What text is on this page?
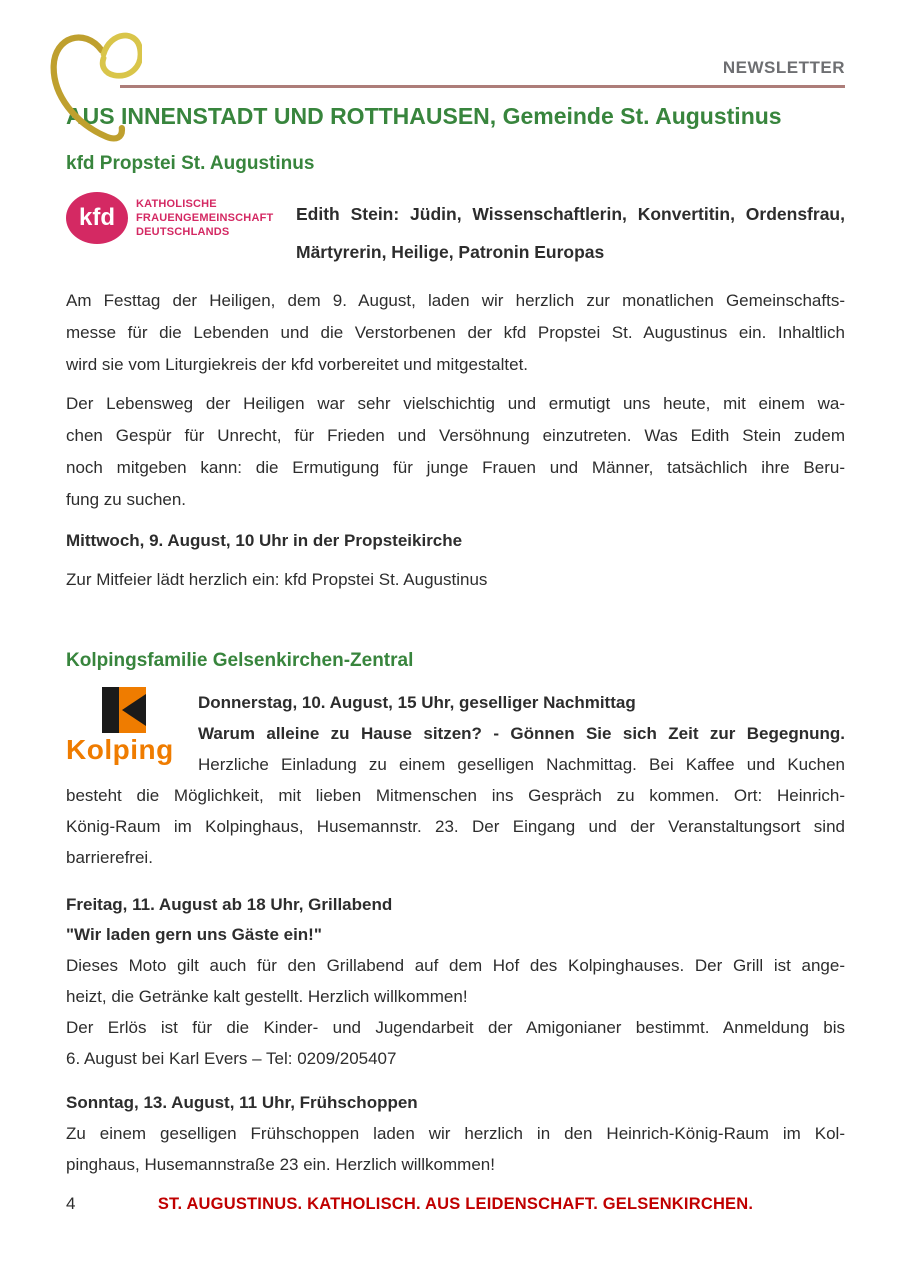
NEWSLETTER
AUS INNENSTADT UND ROTTHAUSEN, Gemeinde St. Augustinus
kfd Propstei St. Augustinus
kfd	KATHOLISCHE
FRAUENGEMEINSCHAFT
DEUTSCHLANDS
Edith Stein: Jüdin, Wissenschaftlerin, Konvertitin, Ordensfrau,
Märtyrerin, Heilige, Patronin Europas
Am Festtag der Heiligen, dem 9. August, laden wir herzlich zur monatlichen Gemeinschafts-
messe für die Lebenden und die Verstorbenen der kfd Propstei St. Augustinus ein. Inhaltlich
wird sie vom Liturgiekreis der kfd vorbereitet und mitgestaltet.
Der Lebensweg der Heiligen war sehr vielschichtig und ermutigt uns heute, mit einem wa-
chen Gespür für Unrecht, für Frieden und Versöhnung einzutreten. Was Edith Stein zudem
noch mitgeben kann: die Ermutigung für junge Frauen und Männer, tatsächlich ihre Beru-
fung zu suchen.
Mittwoch, 9. August, 10 Uhr in der Propsteikirche
Zur Mitfeier lädt herzlich ein: kfd Propstei St. Augustinus
Kolpingsfamilie Gelsenkirchen-Zentral
Kolping
Donnerstag, 10. August, 15 Uhr, geselliger Nachmittag
Warum alleine zu Hause sitzen? - Gönnen Sie sich Zeit zur Begegnung.
Herzliche Einladung zu einem geselligen Nachmittag. Bei Kaffee und Kuchen
besteht die Möglichkeit, mit lieben Mitmenschen ins Gespräch zu kommen. Ort: Heinrich-
König-Raum im Kolpinghaus, Husemannstr. 23. Der Eingang und der Veranstaltungsort sind
barrierefrei.
Freitag, 11. August ab 18 Uhr, Grillabend
"Wir laden gern uns Gäste ein!"
Dieses Moto gilt auch für den Grillabend auf dem Hof des Kolpinghauses. Der Grill ist ange-
heizt, die Getränke kalt gestellt. Herzlich willkommen!
Der Erlös ist für die Kinder- und Jugendarbeit der Amigonianer bestimmt. Anmeldung bis
6. August bei Karl Evers – Tel: 0209/205407
Sonntag, 13. August, 11 Uhr, Frühschoppen
Zu einem geselligen Frühschoppen laden wir herzlich in den Heinrich-König-Raum im Kol-
pinghaus, Husemannstraße 23 ein. Herzlich willkommen!
4	ST. AUGUSTINUS. KATHOLISCH. AUS LEIDENSCHAFT. GELSENKIRCHEN.
